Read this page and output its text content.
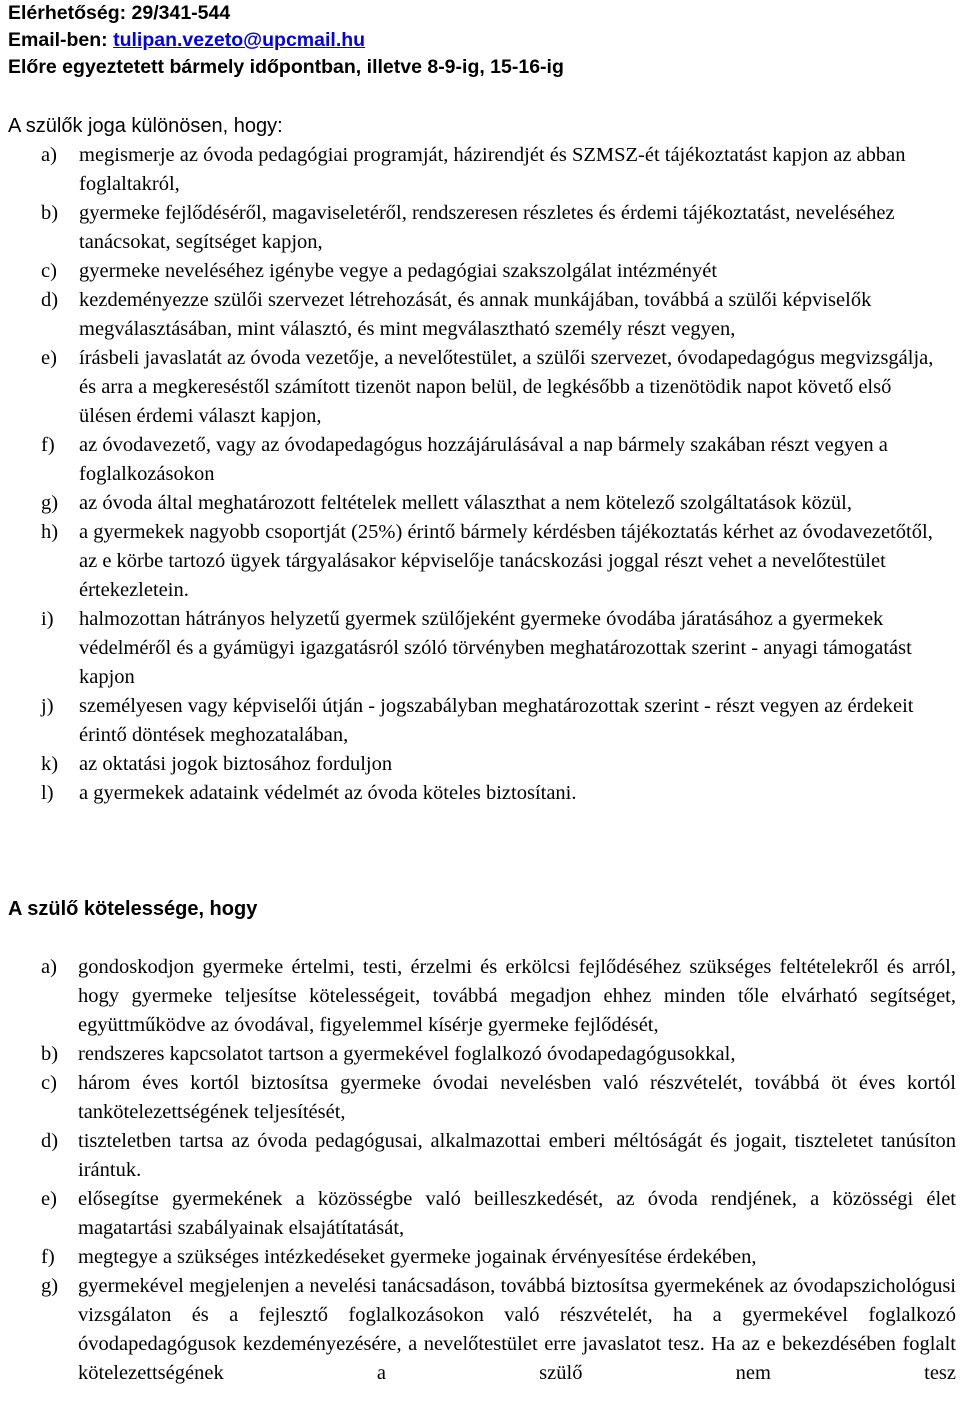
Elérhetőség: 29/341-544
Email-ben: tulipan.vezeto@upcmail.hu
Előre egyeztetett bármely időpontban, illetve 8-9-ig, 15-16-ig
A szülők joga különösen, hogy:
a)	megismerje az óvoda pedagógiai programját, házirendjét és SZMSZ-ét tájékoztatást kapjon az abban foglaltakról,
b)	gyermeke fejlődéséről, magaviseletéről, rendszeresen részletes és érdemi tájékoztatást, neveléséhez tanácsokat, segítséget kapjon,
c)	gyermeke neveléséhez igénybe vegye a pedagógiai szakszolgálat intézményét
d)	kezdeményezze szülői szervezet létrehozását, és annak munkájában, továbbá a szülői képviselők megválasztásában, mint választó, és mint megválasztható személy részt vegyen,
e)	írásbeli javaslatát az óvoda vezetője, a nevelőtestület, a szülői szervezet, óvodapedagógus megvizsgálja, és arra a megkereséstől számított tizenöt napon belül, de legkésőbb a tizenötödik napot követő első ülésen érdemi választ kapjon,
f)	az óvodavezető, vagy az óvodapedagógus hozzájárulásával a nap bármely szakában részt vegyen a foglalkozásokon
g)	az óvoda által meghatározott feltételek mellett választhat a nem kötelező szolgáltatások közül,
h)	a gyermekek nagyobb csoportját (25%) érintő bármely kérdésben tájékoztatás kérhet az óvodavezetőtől, az e körbe tartozó ügyek tárgyalásakor képviselője tanácskozási joggal részt vehet a nevelőtestület értekezletein.
i)	halmozottan hátrányos helyzetű gyermek szülőjeként gyermeke óvodába járatásához a gyermekek védelméről és a gyámügyi igazgatásról szóló törvényben meghatározottak szerint - anyagi támogatást kapjon
j)	személyesen vagy képviselői útján - jogszabályban meghatározottak szerint - részt vegyen az érdekeit érintő döntések meghozatalában,
k)	az oktatási jogok biztosához forduljon
l)	a gyermekek adataink védelmét az óvoda köteles biztosítani.
A szülő kötelessége, hogy
a)	gondoskodjon gyermeke értelmi, testi, érzelmi és erkölcsi fejlődéséhez szükséges feltételekről és arról, hogy gyermeke teljesítse kötelességeit, továbbá megadjon ehhez minden tőle elvárható segítséget, együttműködve az óvodával, figyelemmel kísérje gyermeke fejlődését,
b) rendszeres kapcsolatot tartson a gyermekével foglalkozó óvodapedagógusokkal,
c)	három éves kortól biztosítsa gyermeke óvodai nevelésben való részvételét, továbbá öt éves kortól tankötelezettségének teljesítését,
d) tiszteletben tartsa az óvoda pedagógusai, alkalmazottai emberi méltóságát és jogait, tiszteletet tanúsíton irántuk.
e)	elősegítse gyermekének a közösségbe való beilleszkedését, az óvoda rendjének, a közösségi élet magatartási szabályainak elsajátítatását,
f)	megtegye a szükséges intézkedéseket gyermeke jogainak érvényesítése érdekében,
g) gyermekével megjelenjen a nevelési tanácsadáson, továbbá biztosítsa gyermekének az óvodapszichológusi vizsgálaton és a fejlesztő foglalkozásokon való részvételét, ha a gyermekével foglalkozó óvodapedagógusok kezdeményezésére, a nevelőtestület erre javaslatot tesz. Ha az e bekezdésében foglalt kötelezettségének a szülő nem tesz
